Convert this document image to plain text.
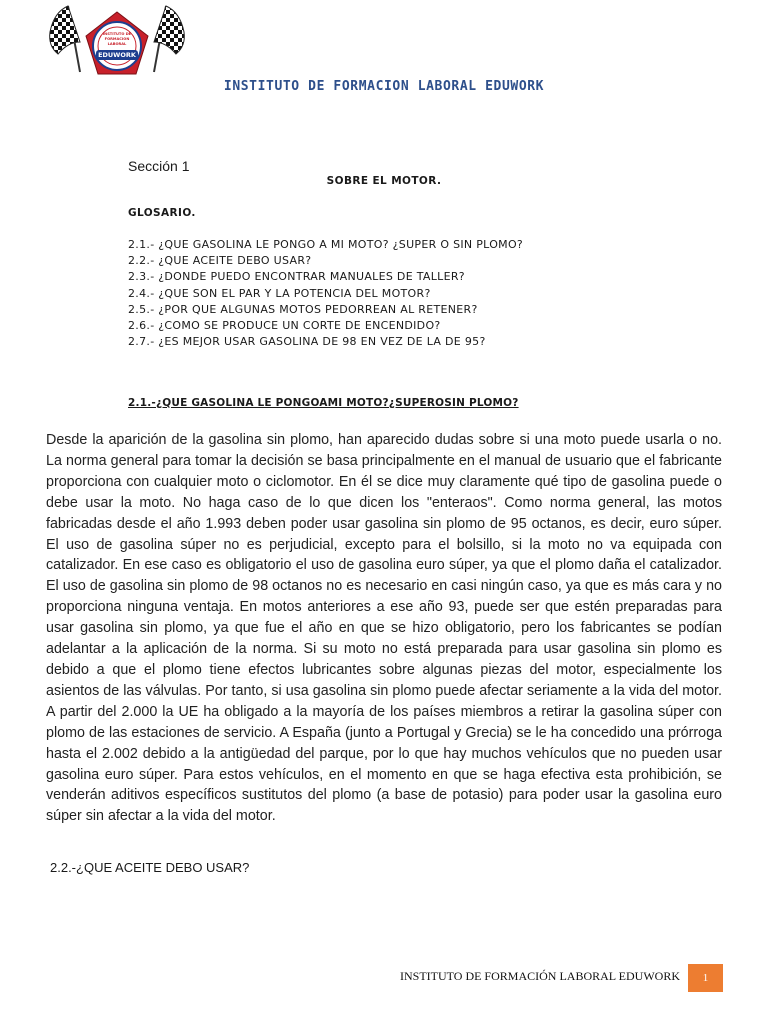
EDUWORK
INSTITUTO DE FORMACION LABORAL
INSTITUTO DE FORMACION LABORAL EDUWORK
Sección 1
SOBRE EL MOTOR.
GLOSARIO.
2.1.- ¿QUE GASOLINA LE PONGO A MI MOTO? ¿SUPER O SIN PLOMO?
2.2.- ¿QUE ACEITE DEBO USAR?
2.3.- ¿DONDE PUEDO ENCONTRAR MANUALES DE TALLER?
2.4.- ¿QUE SON EL PAR Y LA POTENCIA DEL MOTOR?
2.5.- ¿POR QUE ALGUNAS MOTOS PEDORREAN AL RETENER?
2.6.- ¿COMO SE PRODUCE UN CORTE DE ENCENDIDO?
2.7.- ¿ES MEJOR USAR GASOLINA DE 98 EN VEZ DE LA DE 95?
2.1.-¿QUE GASOLINA LE PONGOAMI MOTO?¿SUPEROSIN PLOMO?

Desde la aparición de la gasolina sin plomo, han aparecido dudas sobre si una moto puede usarla o no. La norma general para tomar la decisión se basa principalmente en el manual de usuario que el fabricante proporciona con cualquier moto o ciclomotor. En él se dice muy claramente qué tipo de gasolina puede o debe usar la moto. No haga caso de lo que dicen los "enteraos". Como norma general, las motos fabricadas desde el año 1.993 deben poder usar gasolina sin plomo de 95 octanos, es decir, euro súper. El uso de gasolina súper no es perjudicial, excepto para el bolsillo, si la moto no va equipada con catalizador. En ese caso es obligatorio el uso de gasolina euro súper, ya que el plomo daña el catalizador. El uso de gasolina sin plomo de 98 octanos no es necesario en casi ningún caso, ya que es más cara y no proporciona ninguna ventaja. En motos anteriores a ese año 93, puede ser que estén preparadas para usar gasolina sin plomo, ya que fue el año en que se hizo obligatorio, pero los fabricantes se podían adelantar a la aplicación de la norma. Si su moto no está preparada para usar gasolina sin plomo es debido a que el plomo tiene efectos lubricantes sobre algunas piezas del motor, especialmente los asientos de las válvulas. Por tanto, si usa gasolina sin plomo puede afectar seriamente a la vida del motor. A partir del 2.000 la UE ha obligado a la mayoría de los países miembros a retirar la gasolina súper con plomo de las estaciones de servicio. A España (junto a Portugal y Grecia) se le ha concedido una prórroga hasta el 2.002 debido a la antigüedad del parque, por lo que hay muchos vehículos que no pueden usar gasolina euro súper. Para estos vehículos, en el momento en que se haga efectiva esta prohibición, se venderán aditivos específicos sustitutos del plomo (a base de potasio) para poder usar la gasolina euro súper sin afectar a la vida del motor.

2.2.-¿QUE ACEITE DEBO USAR?
INSTITUTO DE FORMACIÓN LABORAL EDUWORK	1
